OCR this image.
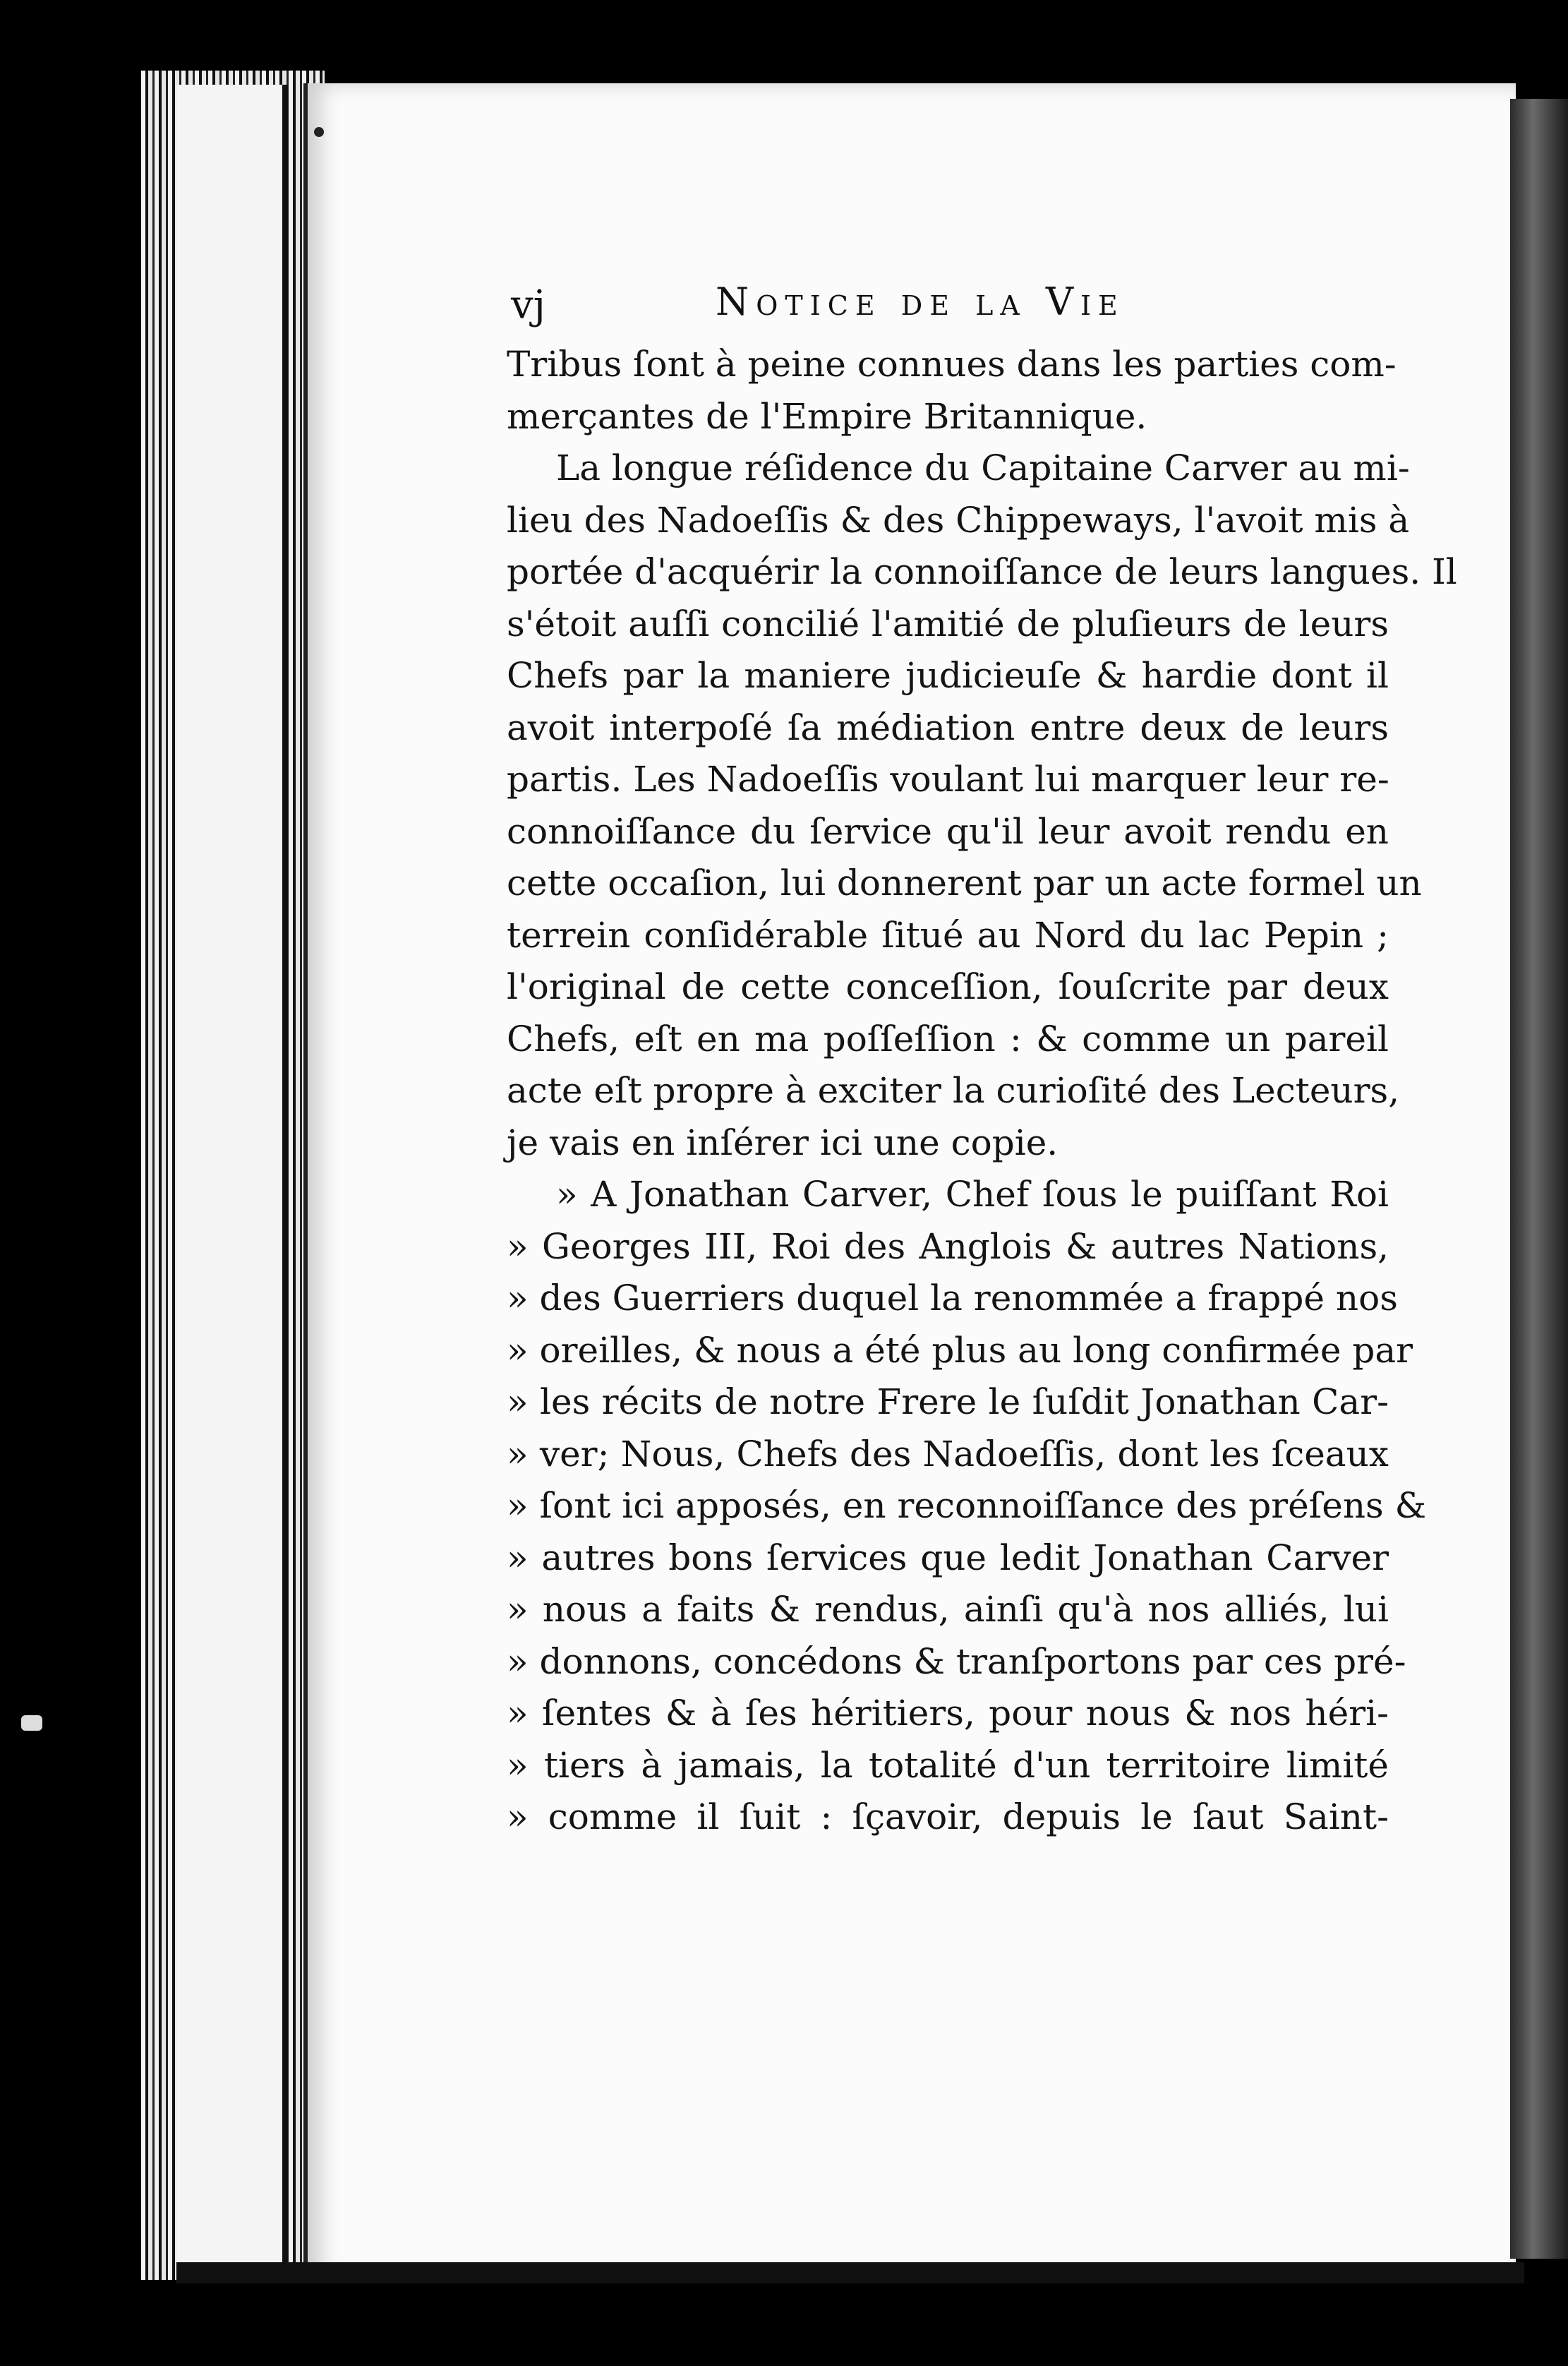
vj	Notice de la Vie
Tribus ſont à peine connues dans les parties com-
merçantes de l'Empire Britannique.
La longue réſidence du Capitaine Carver au mi-
lieu des Nadoeſſis & des Chippeways, l'avoit mis à
portée d'acquérir la connoiſſance de leurs langues. Il
s'étoit auſſi concilié l'amitié de pluſieurs de leurs
Chefs par la maniere judicieuſe & hardie dont il
avoit interpoſé ſa médiation entre deux de leurs
partis. Les Nadoeſſis voulant lui marquer leur re-
connoiſſance du ſervice qu'il leur avoit rendu en
cette occaſion, lui donnerent par un acte formel un
terrein conſidérable ſitué au Nord du lac Pepin ;
l'original de cette conceſſion, ſouſcrite par deux
Chefs, eſt en ma poſſeſſion : & comme un pareil
acte eſt propre à exciter la curioſité des Lecteurs,
je vais en inſérer ici une copie.
» A Jonathan Carver, Chef ſous le puiſſant Roi
» Georges III, Roi des Anglois & autres Nations,
» des Guerriers duquel la renommée a frappé nos
» oreilles, & nous a été plus au long confirmée par
» les récits de notre Frere le ſuſdit Jonathan Car-
» ver; Nous, Chefs des Nadoeſſis, dont les ſceaux
» ſont ici apposés, en reconnoiſſance des préſens &
» autres bons ſervices que ledit Jonathan Carver
» nous a faits & rendus, ainſi qu'à nos alliés, lui
» donnons, concédons & tranſportons par ces pré-
» ſentes & à ſes héritiers, pour nous & nos héri-
» tiers à jamais, la totalité d'un territoire limité
» comme il ſuit : ſçavoir, depuis le ſaut Saint-
